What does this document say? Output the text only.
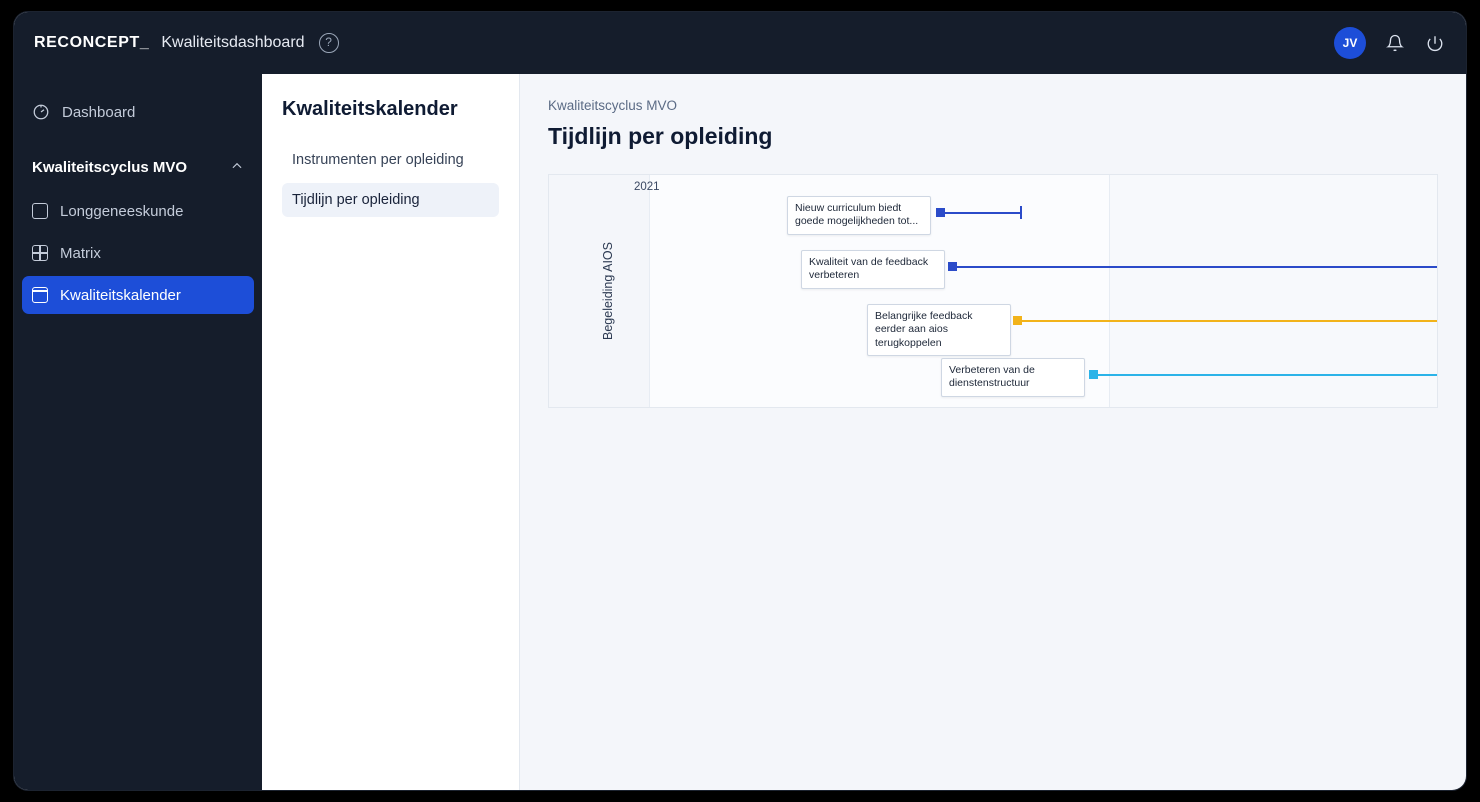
RECONCEPT_ Kwaliteitsdashboard	?	JV
Dashboard
Kwaliteitscyclus MVO
Longgeneeskunde
Matrix
Kwaliteitskalender
Kwaliteitskalender
Instrumenten per opleiding
Tijdlijn per opleiding
Kwaliteitscyclus MVO
Tijdlijn per opleiding
Begeleiding AIOS
2021
Nieuw curriculum biedt goede mogelijkheden tot...
Kwaliteit van de feedback verbeteren
Belangrijke feedback eerder aan aios terugkoppelen
Verbeteren van de dienstenstructuur
